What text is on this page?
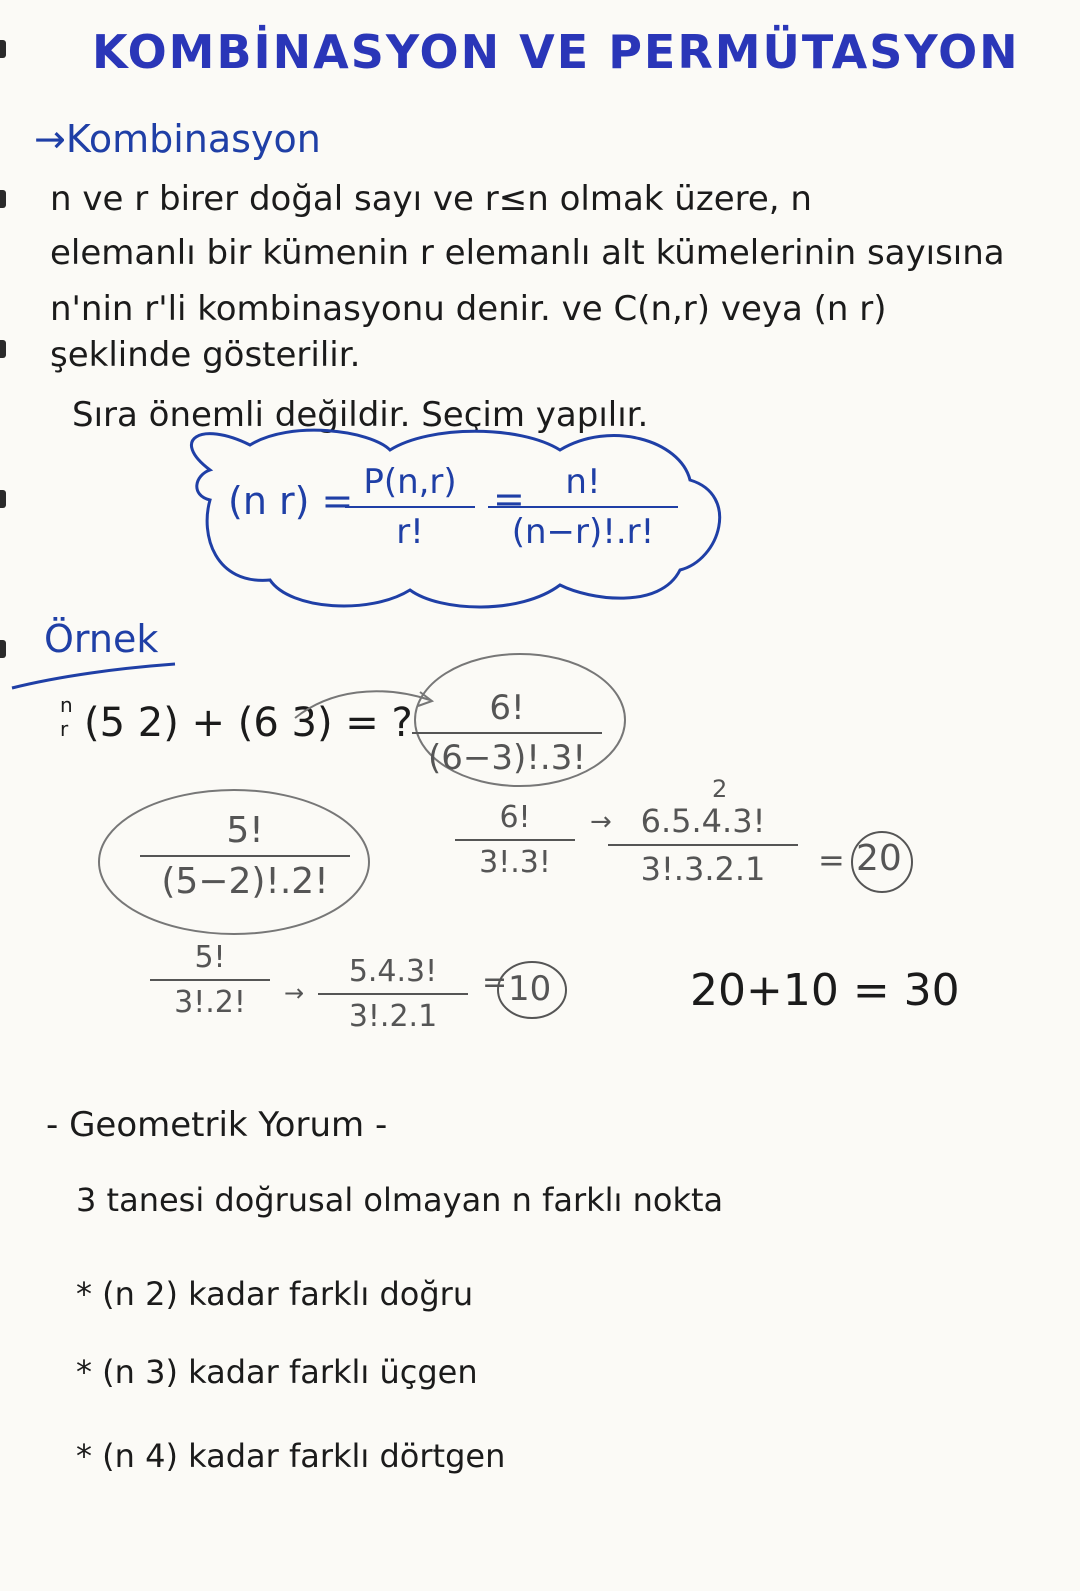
KOMBİNASYON VE PERMÜTASYON
→Kombinasyon
n ve r birer doğal sayı ve r≤n olmak üzere, n
elemanlı bir kümenin r elemanlı alt kümelerinin sayısına
n'nin r'li kombinasyonu denir. ve C(n,r) veya (n r)
şeklinde gösterilir.
Sıra önemli değildir. Seçim yapılır.
(n r) = P(n,r)
r!
=	n!
(n−r)!.r!
Örnek
n
r (5 2) + (6 3) = ?	6!
(6−3)!.3!
5!
(5−2)!.2!
6!
3!.3!
→
2
6.5.4.3!
3!.3.2.1	= 20
5!
3!.2!	→
5.4.3!
3!.2.1
= 10	20+10 = 30
- Geometrik Yorum -
3 tanesi doğrusal olmayan n farklı nokta
* (n 2) kadar farklı doğru
* (n 3) kadar farklı üçgen
* (n 4) kadar farklı dörtgen
